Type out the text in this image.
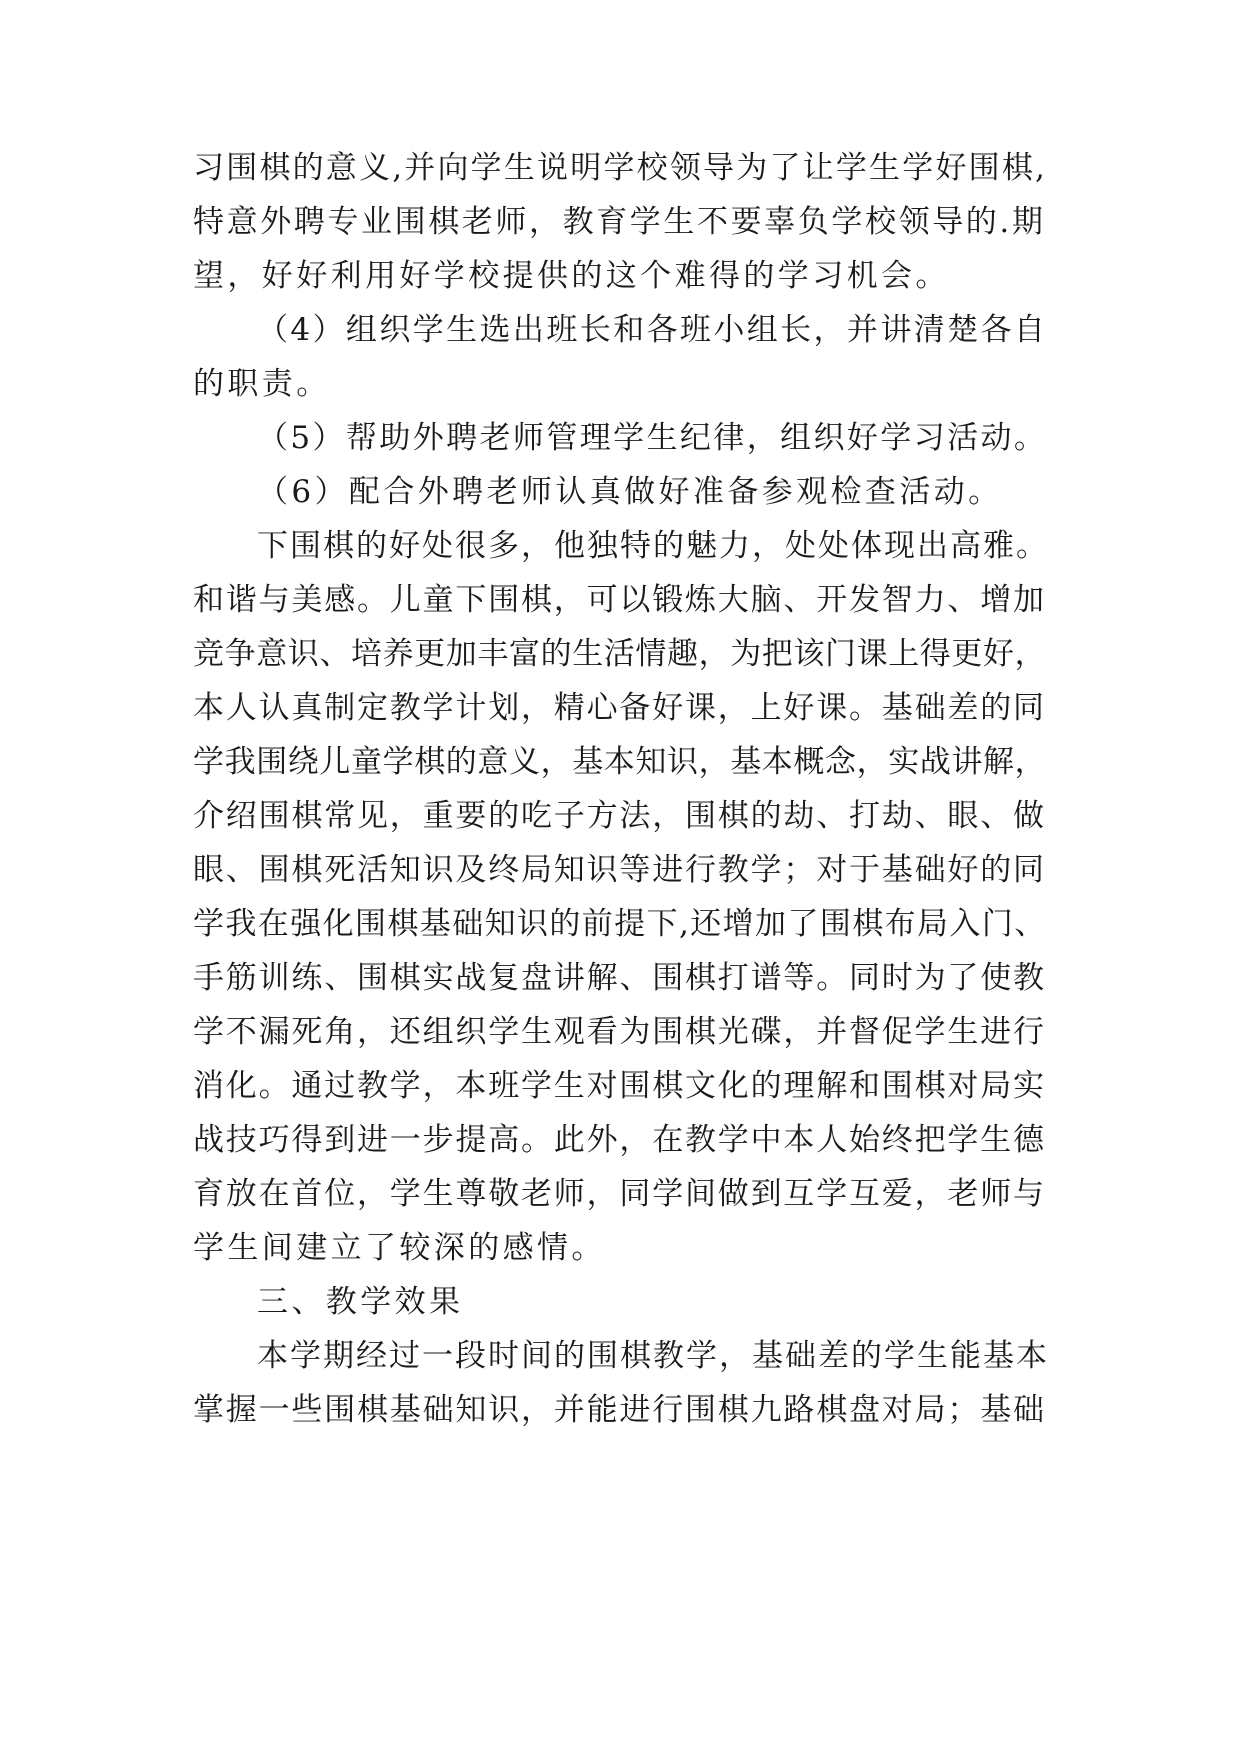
习围棋的意义,并向学生说明学校领导为了让学生学好围棋,
特意外聘专业围棋老师，教育学生不要辜负学校领导的.期
望，好好利用好学校提供的这个难得的学习机会。
（4）组织学生选出班长和各班小组长，并讲清楚各自
的职责。
（5）帮助外聘老师管理学生纪律，组织好学习活动。
（6）配合外聘老师认真做好准备参观检查活动。
下围棋的好处很多，他独特的魅力，处处体现出高雅。
和谐与美感。儿童下围棋，可以锻炼大脑、开发智力、增加
竞争意识、培养更加丰富的生活情趣，为把该门课上得更好，
本人认真制定教学计划，精心备好课，上好课。基础差的同
学我围绕儿童学棋的意义，基本知识，基本概念，实战讲解，
介绍围棋常见，重要的吃子方法，围棋的劫、打劫、眼、做
眼、围棋死活知识及终局知识等进行教学；对于基础好的同
学我在强化围棋基础知识的前提下,还增加了围棋布局入门、
手筋训练、围棋实战复盘讲解、围棋打谱等。同时为了使教
学不漏死角，还组织学生观看为围棋光碟，并督促学生进行
消化。通过教学，本班学生对围棋文化的理解和围棋对局实
战技巧得到进一步提高。此外，在教学中本人始终把学生德
育放在首位，学生尊敬老师，同学间做到互学互爱，老师与
学生间建立了较深的感情。
三、教学效果
本学期经过一段时间的围棋教学，基础差的学生能基本
掌握一些围棋基础知识，并能进行围棋九路棋盘对局；基础
